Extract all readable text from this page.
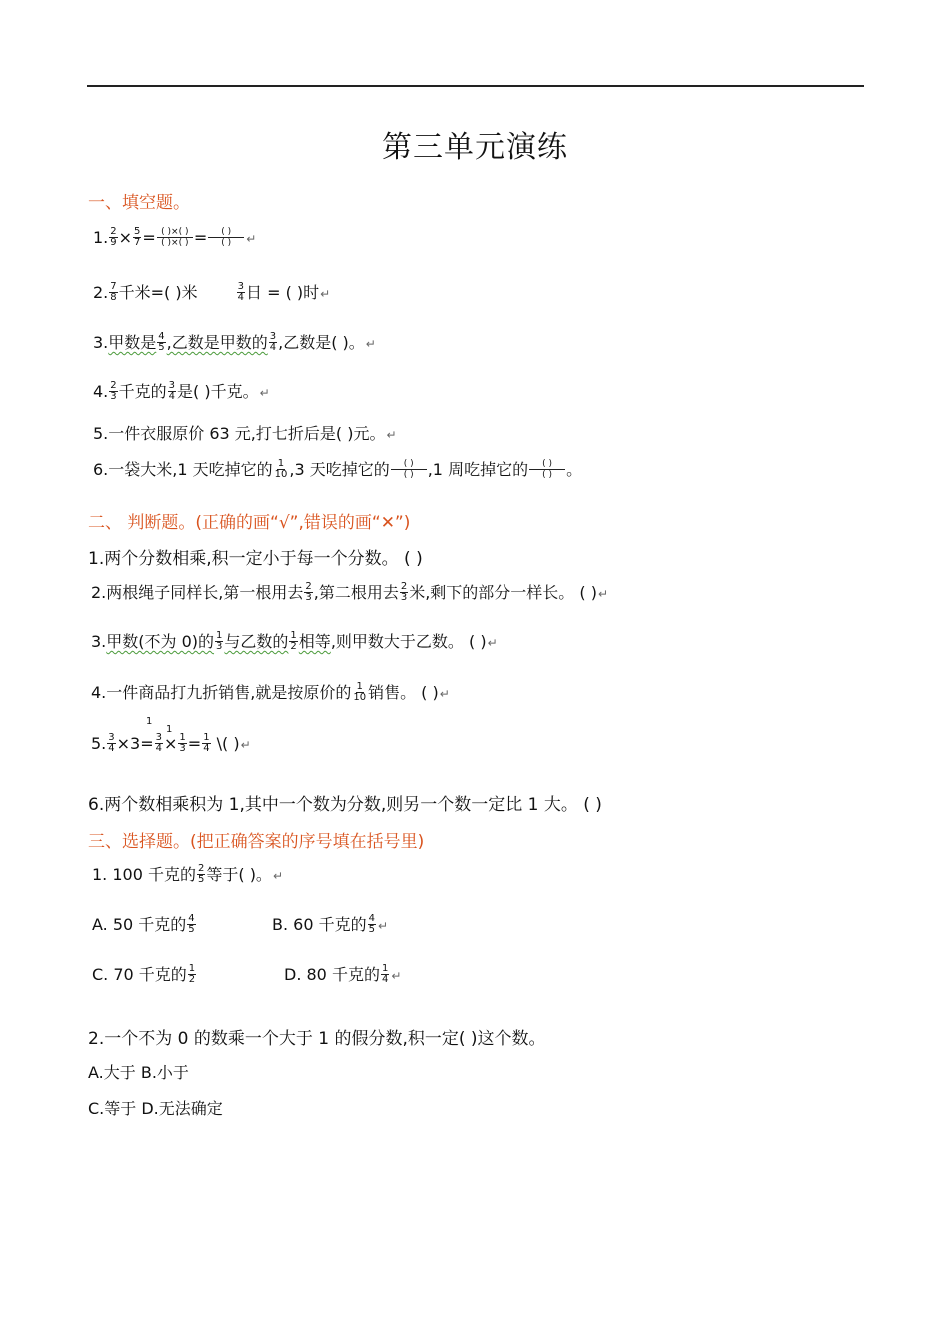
第三单元演练
一、填空题。
1. $\frac{2}{9} \times \frac{5}{7}$ = ( )×( )
( )×( ) =	( )
( )	↵
2. $\frac{7}{8}$ 千米=( )米	$\frac{3}{4}$ 日 = ( )时↵
3.甲数是 $\frac{4}{5}$ ,乙数是甲数的 $\frac{3}{4}$ ,乙数是( )。↵
4. $\frac{2}{3}$ 千克的 $\frac{3}{4}$ 是( )千克。↵
5.一件衣服原价 63 元,打七折后是( )元。↵
6.一袋大米,1 天吃掉它的 $\frac{1}{10} ,3$ 天吃掉它的	( )
( ) ,1 周吃掉它的	( )
( ) 。
二、 判断题。(正确的画“√”,错误的画“✕”)
1.两个分数相乘,积一定小于每一个分数。 ( )
2.两根绳子同样长,第一根用去 $\frac{2}{3}$ ,第二根用去 $\frac{2}{3}$ 米,剩下的部分一样长。 ( )↵
3.甲数(不为 0)的 $\frac{1}{3}$ 与乙数的 $\frac{1}{2}$ 相等,则甲数大于乙数。 ( )↵
4.一件商品打九折销售,就是按原价的 $\frac{1}{10}$ 销售。 ( )↵
1
1
5. $\frac{3}{4} \times 3= \frac{3}{4} \times \frac{1}{3} = \frac{1}{4}$ \( )↵
6.两个数相乘积为 1,其中一个数为分数,则另一个数一定比 1 大。 ( )
三、选择题。(把正确答案的序号填在括号里)
1. 100 千克的 $\frac{2}{5}$ 等于( )。↵
A. 50 千克的 $\frac{4}{5}$	B. 60 千克的 $\frac{4}{5}$ ↵
C. 70 千克的 $\frac{1}{2}$	D. 80 千克的 $\frac{1}{4}$ ↵
2.一个不为 0 的数乘一个大于 1 的假分数,积一定( )这个数。
A.大于 B.小于
C.等于 D.无法确定
